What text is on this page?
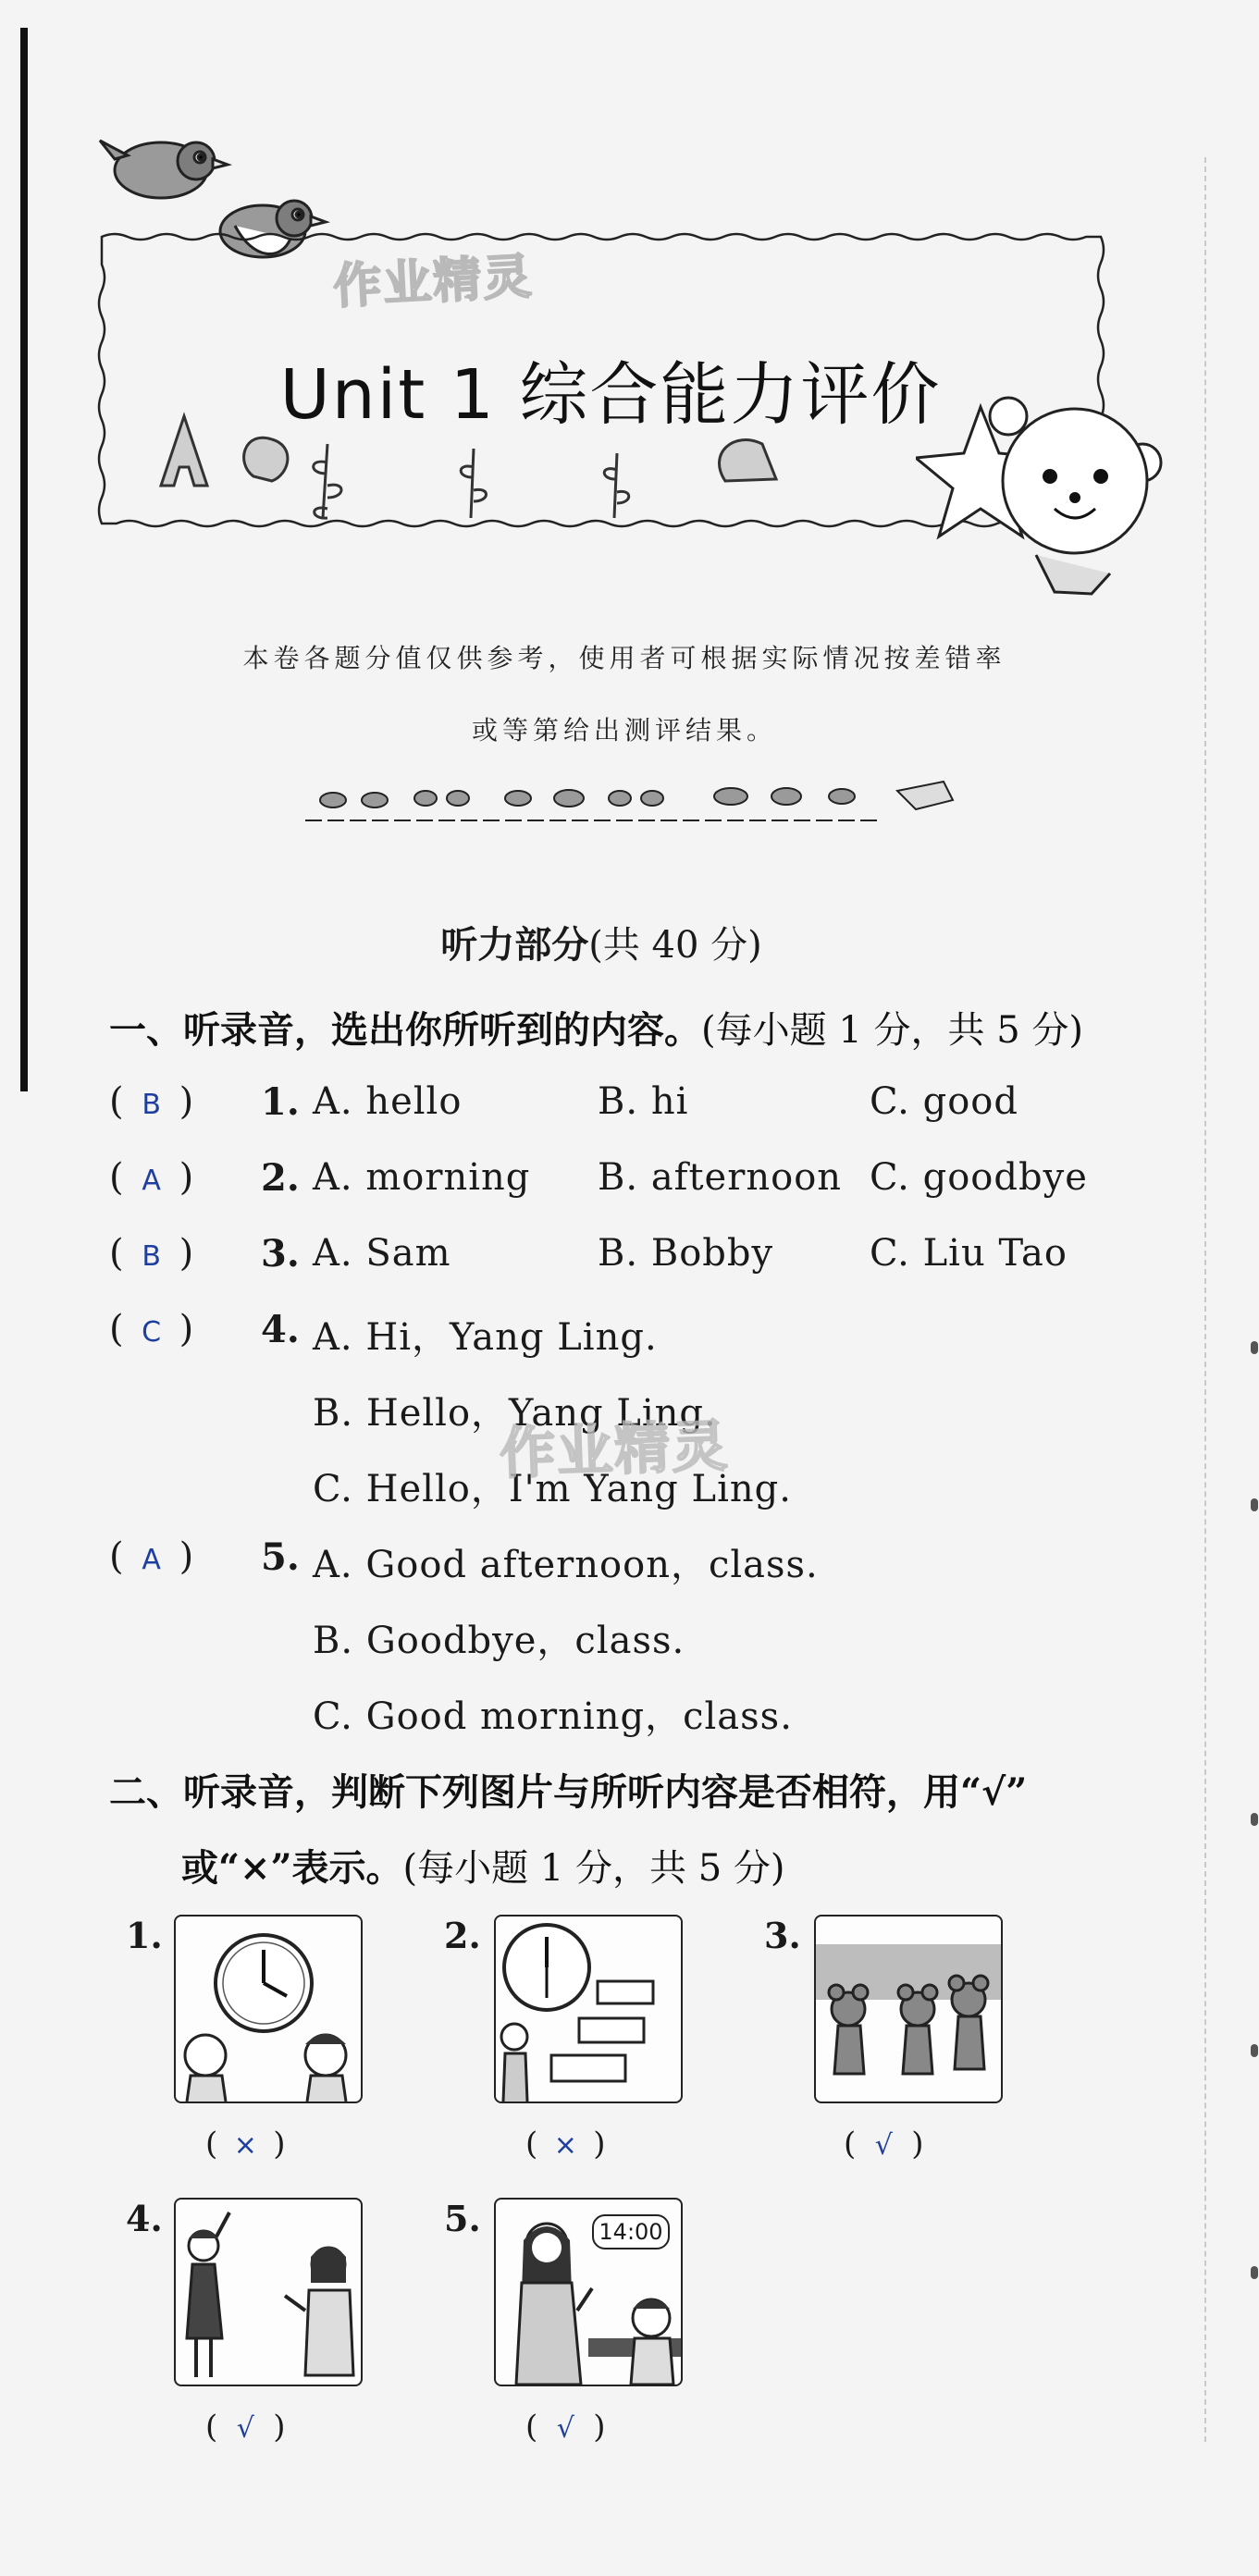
作业精灵
Unit 1 综合能力评价
本卷各题分值仅供参考，使用者可根据实际情况按差错率
或等第给出测评结果。
听力部分(共 40 分)
一、听录音，选出你所听到的内容。(每小题 1 分，共 5 分)
( B ) 1. A. hello	B. hi	C. good
( A ) 2. A. morning B. afternoon C. goodbye
( B ) 3. A. Sam	B. Bobby	C. Liu Tao
( C ) 4. A. Hi，Yang Ling.
B. Hello，Yang Ling.
C. Hello，I'm Yang Ling.
( A ) 5. A. Good afternoon，class.
B. Goodbye，class.
C. Good morning，class.
作业精灵
二、听录音，判断下列图片与所听内容是否相符，用“√”
或“×”表示。(每小题 1 分，共 5 分)
1.
( × )
2.
( × )
3.
( √ )
4.
( √ )
5.	14:00
( √ )
